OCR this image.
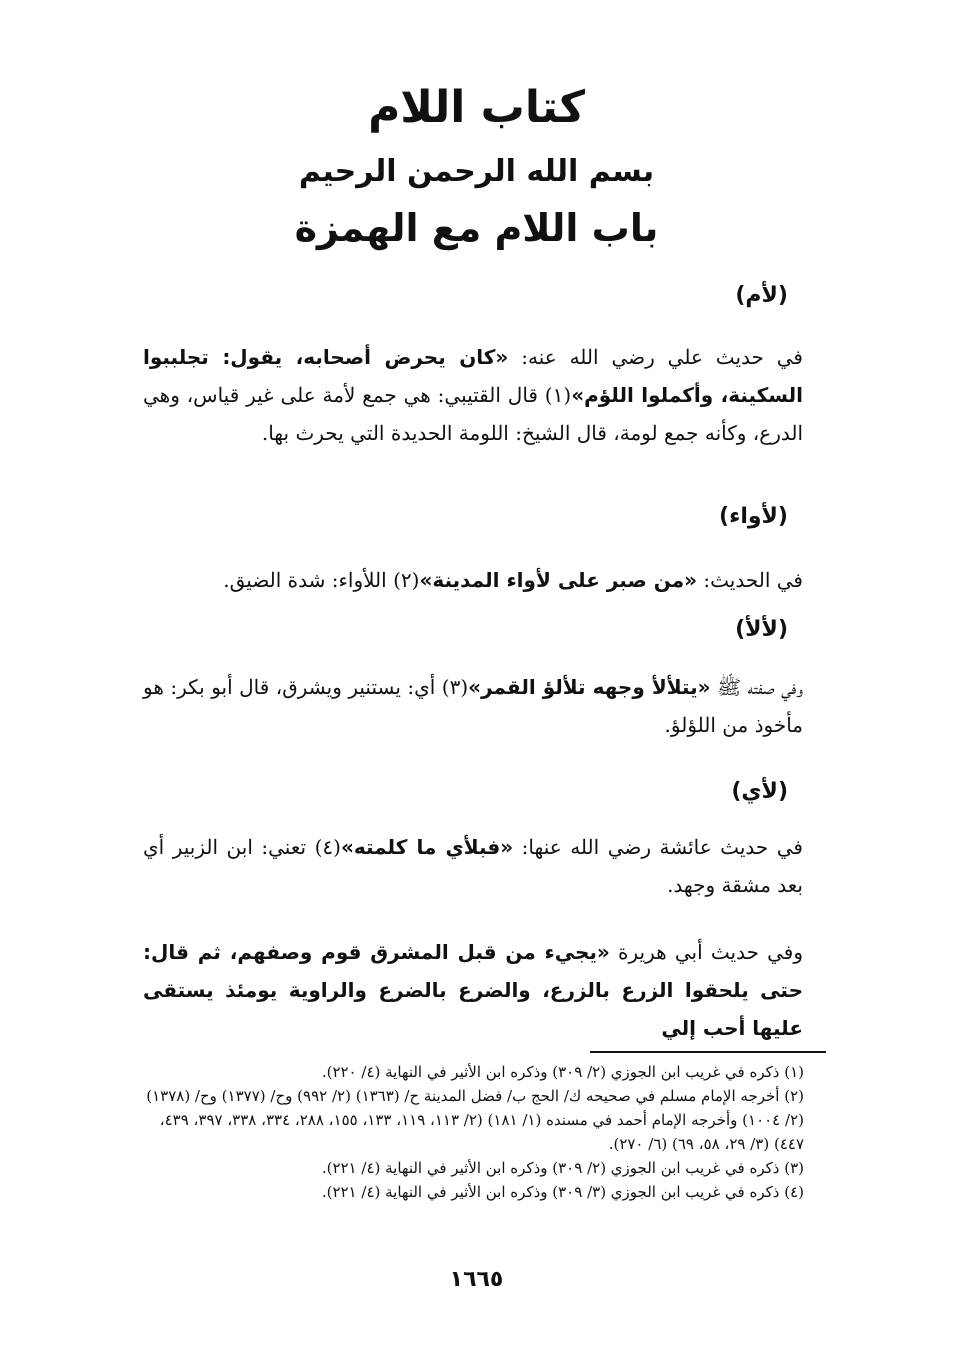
كتاب اللام
بسم الله الرحمن الرحيم
باب اللام مع الهمزة
(لأم)
في حديث علي رضي الله عنه: «كان يحرض أصحابه، يقول: تجلببوا السكينة، وأكملوا اللؤم»(١) قال القتيبي: هي جمع لأمة على غير قياس، وهي الدرع، وكأنه جمع لومة، قال الشيخ: اللومة الحديدة التي يحرث بها.
(لأواء)
في الحديث: «من صبر على لأواء المدينة»(٢) اللأواء: شدة الضيق.
(لألأ)
وفي صفته ﷺ «يتلألأ وجهه تلألؤ القمر»(٣) أي: يستنير ويشرق، قال أبو بكر: هو مأخوذ من اللؤلؤ.
(لأي)
في حديث عائشة رضي الله عنها: «فبلأي ما كلمته»(٤) تعني: ابن الزبير أي بعد مشقة وجهد.
وفي حديث أبي هريرة «يجيء من قبل المشرق قوم وصفهم، ثم قال: حتى يلحقوا الزرع بالزرع، والضرع بالضرع والراوية يومئذ يستقى عليها أحب إلي

(١) ذكره في غريب ابن الجوزي (٢/ ٣٠٩) وذكره ابن الأثير في النهاية (٤/ ٢٢٠).

(٢) أخرجه الإمام مسلم في صحيحه ك/ الحج ب/ فضل المدينة ح/ (١٣٦٣) (٢/ ٩٩٢) وح/ (١٣٧٧) وح/ (١٣٧٨) (٢/ ١٠٠٤) وأخرجه الإمام أحمد في مسنده (١/ ١٨١) (٢/ ١١٣، ١١٩، ١٣٣، ١٥٥، ٢٨٨، ٣٣٤، ٣٣٨، ٣٩٧، ٤٣٩، ٤٤٧) (٣/ ٢٩، ٥٨، ٦٩) (٦/ ٢٧٠).

(٣) ذكره في غريب ابن الجوزي (٢/ ٣٠٩) وذكره ابن الأثير في النهاية (٤/ ٢٢١).

(٤) ذكره في غريب ابن الجوزي (٣/ ٣٠٩) وذكره ابن الأثير في النهاية (٤/ ٢٢١).

١٦٦٥
